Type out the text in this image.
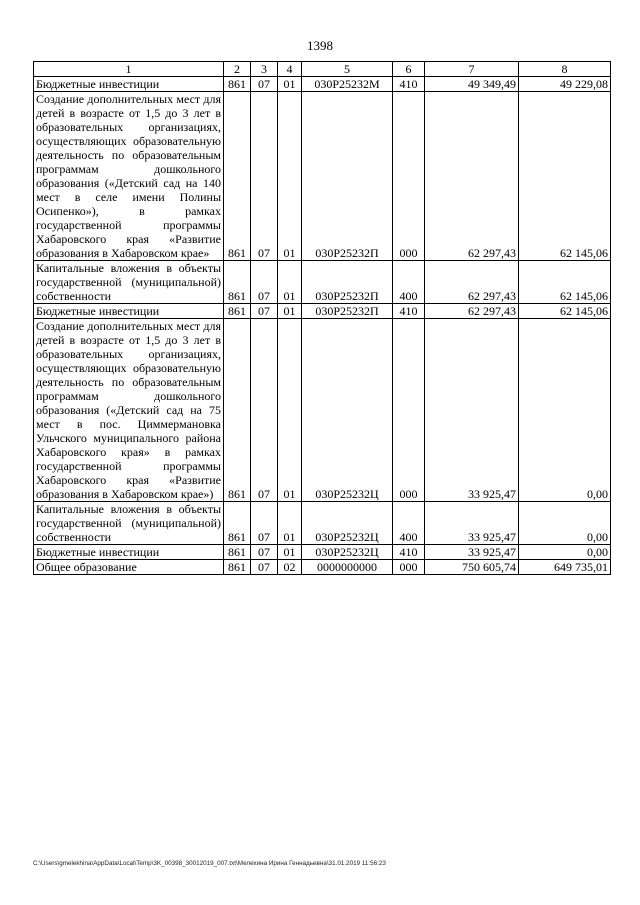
1398
1	2	3	4	5	6	7	8
Бюджетные инвестиции	861	07	01	030P25232М	410	49 349,49	49 229,08
Создание дополнительных мест для детей в возрасте от 1,5 до 3 лет в образовательных организациях, осуществляющих образовательную деятельность по образовательным программам дошкольного образования («Детский сад на 140 мест в селе имени Полины Осипенко»), в рамках государственной программы Хабаровского края «Развитие образования в Хабаровском крае»	861	07	01	030P25232П	000	62 297,43	62 145,06
Капитальные вложения в объекты государственной (муниципальной) собственности	861	07	01	030P25232П	400	62 297,43	62 145,06
Бюджетные инвестиции	861	07	01	030P25232П	410	62 297,43	62 145,06
Создание дополнительных мест для детей в возрасте от 1,5 до 3 лет в образовательных организациях, осуществляющих образовательную деятельность по образовательным программам дошкольного образования («Детский сад на 75 мест в пос. Циммермановка Ульчского муниципального района Хабаровского края» в рамках государственной программы Хабаровского края «Развитие образования в Хабаровском крае»)	861	07	01	030P25232Ц	000	33 925,47	0,00
Капитальные вложения в объекты государственной (муниципальной) собственности	861	07	01	030P25232Ц	400	33 925,47	0,00
Бюджетные инвестиции	861	07	01	030P25232Ц	410	33 925,47	0,00
Общее образование	861	07	02	0000000000	000	750 605,74	649 735,01
C:\Users\gmelekhina\AppData\Local\Temp\3K_00398_30012019_007.txt\Мелехина Ирина Геннадьевна\31.01.2019 11:56:23
